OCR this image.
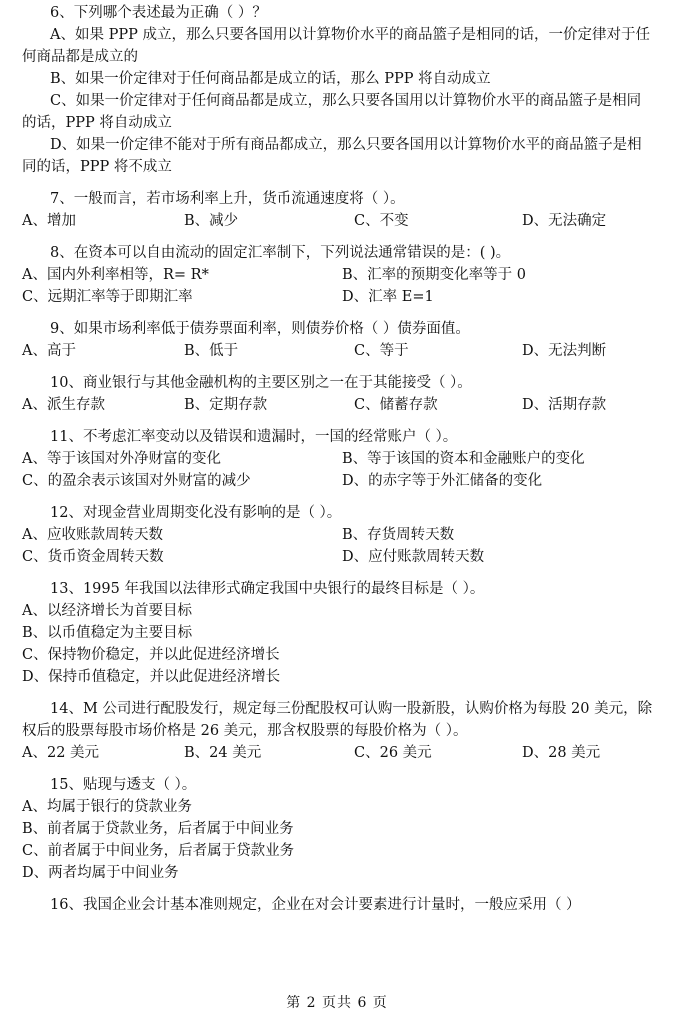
6、下列哪个表述最为正确（ ）？
A、如果 PPP 成立，那么只要各国用以计算物价水平的商品篮子是相同的话，一价定律对于任何商品都是成立的
B、如果一价定律对于任何商品都是成立的话，那么 PPP 将自动成立
C、如果一价定律对于任何商品都是成立，那么只要各国用以计算物价水平的商品篮子是相同的话，PPP 将自动成立
D、如果一价定律不能对于所有商品都成立，那么只要各国用以计算物价水平的商品篮子是相同的话，PPP 将不成立
7、一般而言，若市场利率上升，货币流通速度将（ ）。
A、增加	B、减少	C、不变	D、无法确定
8、在资本可以自由流动的固定汇率制下，下列说法通常错误的是：( )。
A、国内外利率相等，R= R*	B、汇率的预期变化率等于 0
C、远期汇率等于即期汇率	D、汇率 E=1
9、如果市场利率低于债券票面利率，则债券价格（ ）债券面值。
A、高于	B、低于	C、等于	D、无法判断
10、商业银行与其他金融机构的主要区别之一在于其能接受（ ）。
A、派生存款	B、定期存款	C、储蓄存款	D、活期存款
11、不考虑汇率变动以及错误和遗漏时，一国的经常账户（ ）。
A、等于该国对外净财富的变化	B、等于该国的资本和金融账户的变化
C、的盈余表示该国对外财富的减少	D、的赤字等于外汇储备的变化
12、对现金营业周期变化没有影响的是（ ）。
A、应收账款周转天数	B、存货周转天数
C、货币资金周转天数	D、应付账款周转天数
13、1995 年我国以法律形式确定我国中央银行的最终目标是（ ）。
A、以经济增长为首要目标
B、以币值稳定为主要目标
C、保持物价稳定，并以此促进经济增长
D、保持币值稳定，并以此促进经济增长
14、M 公司进行配股发行，规定每三份配股权可认购一股新股，认购价格为每股 20 美元，除权后的股票每股市场价格是 26 美元，那含权股票的每股价格为（ ）。
A、22 美元	B、24 美元	C、26 美元	D、28 美元
15、贴现与透支（ ）。
A、均属于银行的贷款业务
B、前者属于贷款业务，后者属于中间业务
C、前者属于中间业务，后者属于贷款业务
D、两者均属于中间业务
16、我国企业会计基本准则规定，企业在对会计要素进行计量时，一般应采用（ ）
第 2 页共 6 页
